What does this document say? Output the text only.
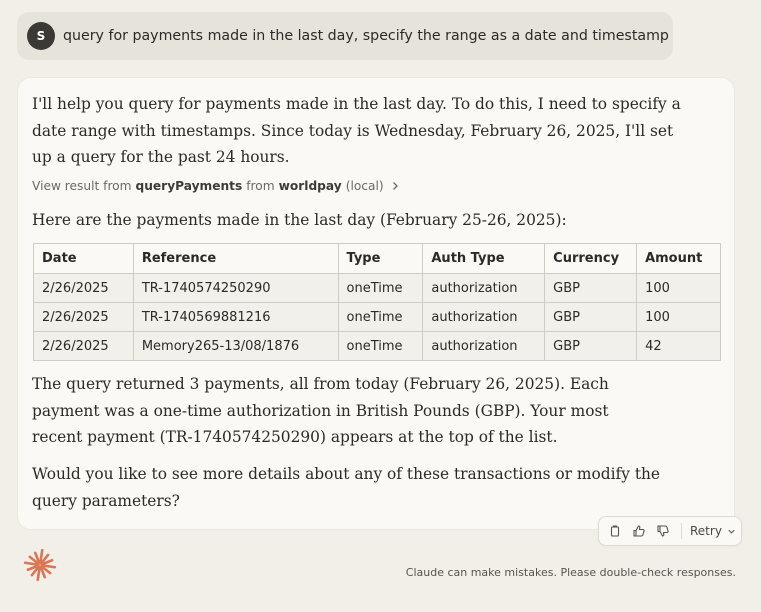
S	query for payments made in the last day, specify the range as a date and timestamp

I'll help you query for payments made in the last day. To do this, I need to specify a date range with timestamps. Since today is Wednesday, February 26, 2025, I'll set up a query for the past 24 hours.

View result from queryPayments from worldpay (local)

Here are the payments made in the last day (February 25-26, 2025):

Date	Reference	Type	Auth Type	Currency	Amount
2/26/2025	TR-1740574250290	oneTime	authorization	GBP	100
2/26/2025	TR-1740569881216	oneTime	authorization	GBP	100
2/26/2025	Memory265-13/08/1876	oneTime	authorization	GBP	42

The query returned 3 payments, all from today (February 26, 2025). Each payment was a one-time authorization in British Pounds (GBP). Your most recent payment (TR-1740574250290) appears at the top of the list.

Would you like to see more details about any of these transactions or modify the query parameters?

Retry
Claude can make mistakes. Please double-check responses.
